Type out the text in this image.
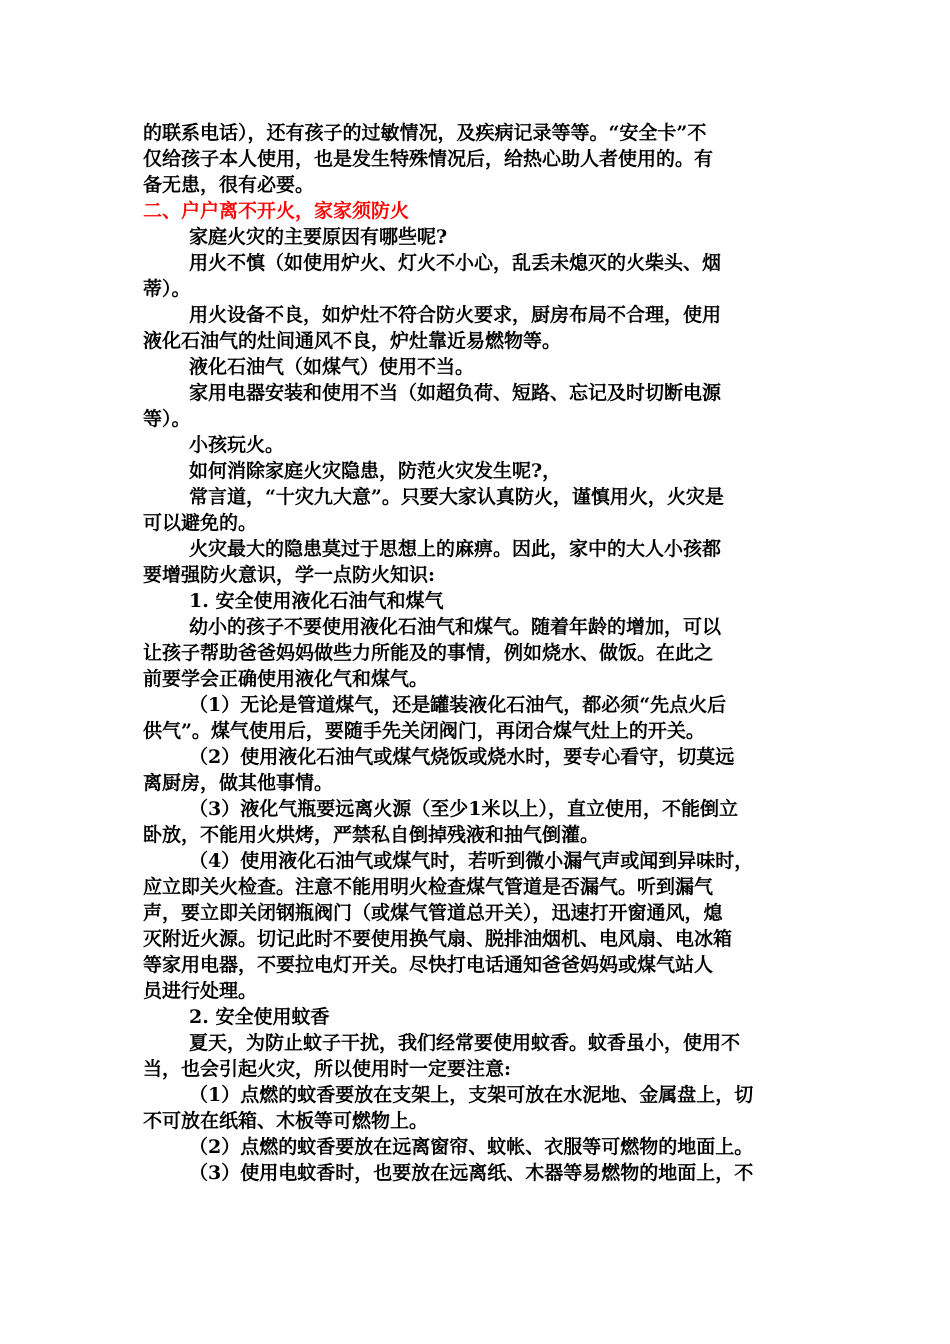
的联系电话），还有孩子的过敏情况，及疾病记录等等。“安全卡”不
仅给孩子本人使用，也是发生特殊情况后，给热心助人者使用的。有
备无患，很有必要。

二、户户离不开火，家家须防火

家庭火灾的主要原因有哪些呢?

用火不慎（如使用炉火、灯火不小心，乱丢未熄灭的火柴头、烟
蒂）。

用火设备不良，如炉灶不符合防火要求，厨房布局不合理，使用
液化石油气的灶间通风不良，炉灶靠近易燃物等。

液化石油气（如煤气）使用不当。

家用电器安装和使用不当（如超负荷、短路、忘记及时切断电源
等）。

小孩玩火。

如何消除家庭火灾隐患，防范火灾发生呢?，

常言道，“十灾九大意”。只要大家认真防火，谨慎用火，火灾是
可以避免的。

火灾最大的隐患莫过于思想上的麻痹。因此，家中的大人小孩都
要增强防火意识，学一点防火知识:

1. 安全使用液化石油气和煤气

幼小的孩子不要使用液化石油气和煤气。随着年龄的增加，可以
让孩子帮助爸爸妈妈做些力所能及的事情，例如烧水、做饭。在此之
前要学会正确使用液化气和煤气。

（1）无论是管道煤气，还是罐装液化石油气，都必须“先点火后
供气”。煤气使用后，要随手先关闭阀门，再闭合煤气灶上的开关。

（2）使用液化石油气或煤气烧饭或烧水时，要专心看守，切莫远
离厨房，做其他事情。

（3）液化气瓶要远离火源（至少1米以上），直立使用，不能倒立
卧放，不能用火烘烤，严禁私自倒掉残液和抽气倒灌。

（4）使用液化石油气或煤气时，若听到微小漏气声或闻到异味时，
应立即关火检查。注意不能用明火检查煤气管道是否漏气。听到漏气
声，要立即关闭钢瓶阀门（或煤气管道总开关），迅速打开窗通风，熄
灭附近火源。切记此时不要使用换气扇、脱排油烟机、电风扇、电冰箱
等家用电器，不要拉电灯开关。尽快打电话通知爸爸妈妈或煤气站人
员进行处理。

2. 安全使用蚊香

夏天，为防止蚊子干扰，我们经常要使用蚊香。蚊香虽小，使用不
当，也会引起火灾，所以使用时一定要注意:

（1）点燃的蚊香要放在支架上，支架可放在水泥地、金属盘上，切
不可放在纸箱、木板等可燃物上。

（2）点燃的蚊香要放在远离窗帘、蚊帐、衣服等可燃物的地面上。

（3）使用电蚊香时，也要放在远离纸、木器等易燃物的地面上，不
